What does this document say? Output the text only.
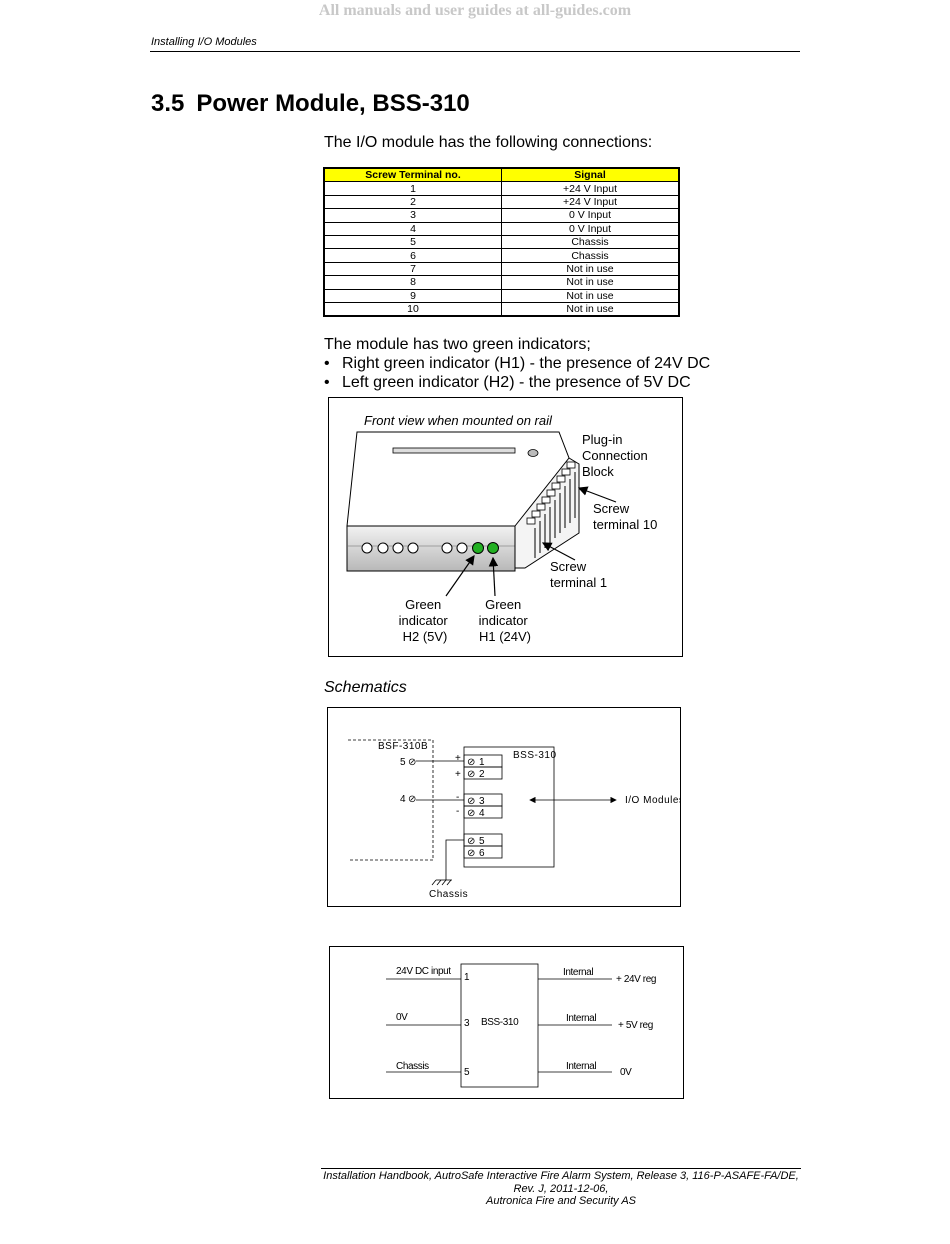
All manuals and user guides at all-guides.com
Installing I/O Modules
3.5 Power Module, BSS-310
The I/O module has the following connections:
Screw Terminal no.	Signal
1	+24 V Input
2	+24 V Input
3	0 V Input
4	0 V Input
5	Chassis
6	Chassis
7	Not in use
8	Not in use
9	Not in use
10	Not in use
The module has two green indicators;
• Right green indicator (H1) - the presence of 24V DC
• Left green indicator (H2) - the presence of 5V DC
Front view when mounted on rail
Plug-in Connection Block
Screw terminal 10
Screw terminal 1
Green indicator H2 (5V)
Green indicator H1 (24V)
Schematics
BSF-310B
BSS-310
⊘
⊘
⊘
⊘
⊘
⊘
1
2
3
4
5
6
+
+
-
-
5 ⊘
4 ⊘
Chassis
I/O Modules
BSS-310
24V DC input
1
0V
3
Chassis
5
Internal
+ 24V reg
Internal
+ 5V reg
Internal
0V
Installation Handbook, AutroSafe Interactive Fire Alarm System, Release 3, 116-P-ASAFE-FA/DE,
Rev. J, 2011-12-06,
Autronica Fire and Security AS
